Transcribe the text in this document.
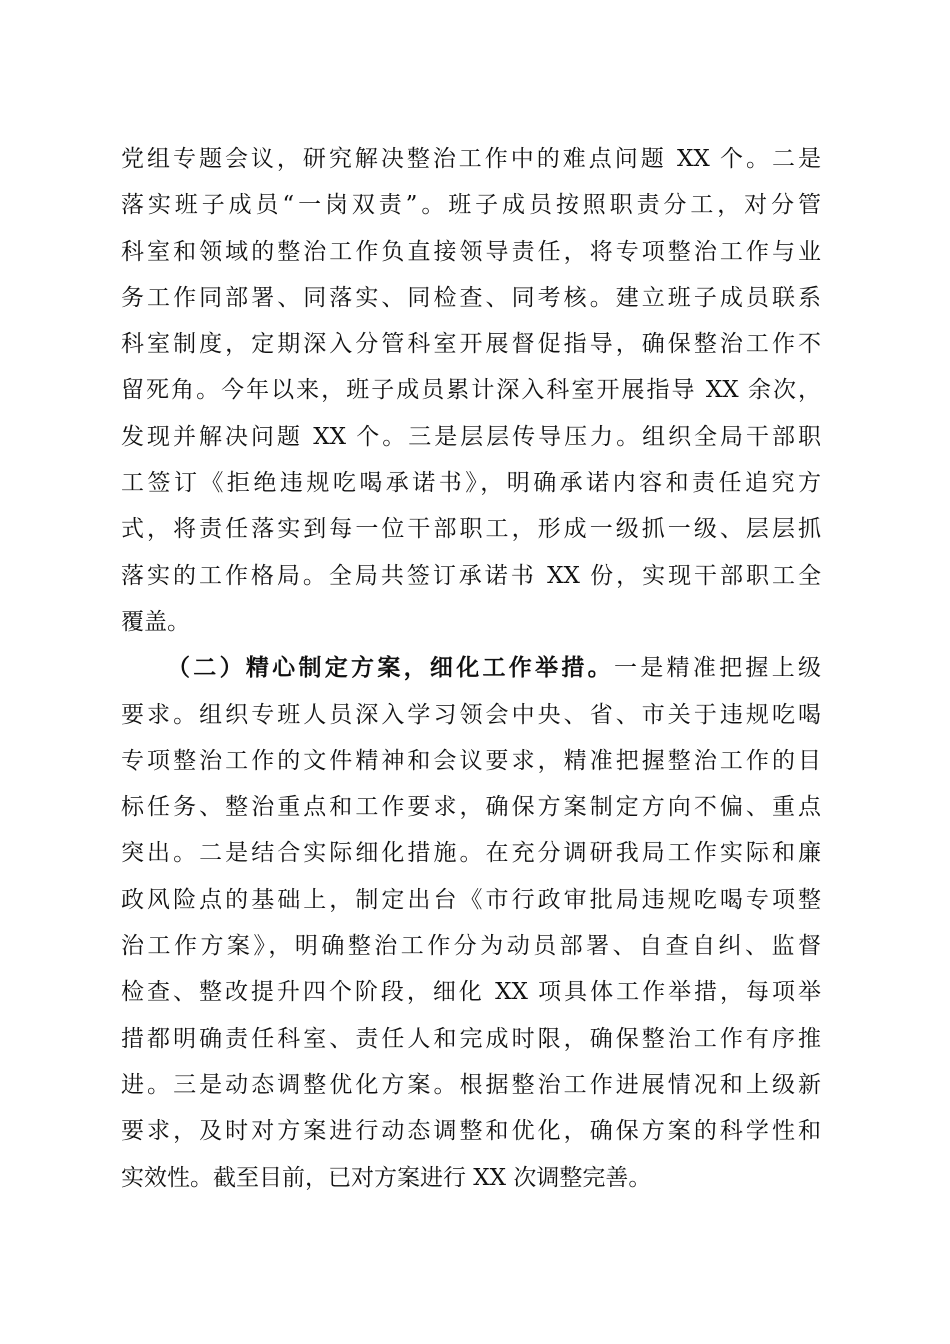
党组专题会议，研究解决整治工作中的难点问题 XX 个。二是
落实班子成员“一岗双责”。班子成员按照职责分工，对分管
科室和领域的整治工作负直接领导责任，将专项整治工作与业
务工作同部署、同落实、同检查、同考核。建立班子成员联系
科室制度，定期深入分管科室开展督促指导，确保整治工作不
留死角。今年以来，班子成员累计深入科室开展指导 XX 余次，
发现并解决问题 XX 个。三是层层传导压力。组织全局干部职
工签订《拒绝违规吃喝承诺书》，明确承诺内容和责任追究方
式，将责任落实到每一位干部职工，形成一级抓一级、层层抓
落实的工作格局。全局共签订承诺书 XX 份，实现干部职工全
覆盖。
（二）精心制定方案，细化工作举措。一是精准把握上级
要求。组织专班人员深入学习领会中央、省、市关于违规吃喝
专项整治工作的文件精神和会议要求，精准把握整治工作的目
标任务、整治重点和工作要求，确保方案制定方向不偏、重点
突出。二是结合实际细化措施。在充分调研我局工作实际和廉
政风险点的基础上，制定出台《市行政审批局违规吃喝专项整
治工作方案》，明确整治工作分为动员部署、自查自纠、监督
检查、整改提升四个阶段，细化 XX 项具体工作举措，每项举
措都明确责任科室、责任人和完成时限，确保整治工作有序推
进。三是动态调整优化方案。根据整治工作进展情况和上级新
要求，及时对方案进行动态调整和优化，确保方案的科学性和
实效性。截至目前，已对方案进行 XX 次调整完善。
